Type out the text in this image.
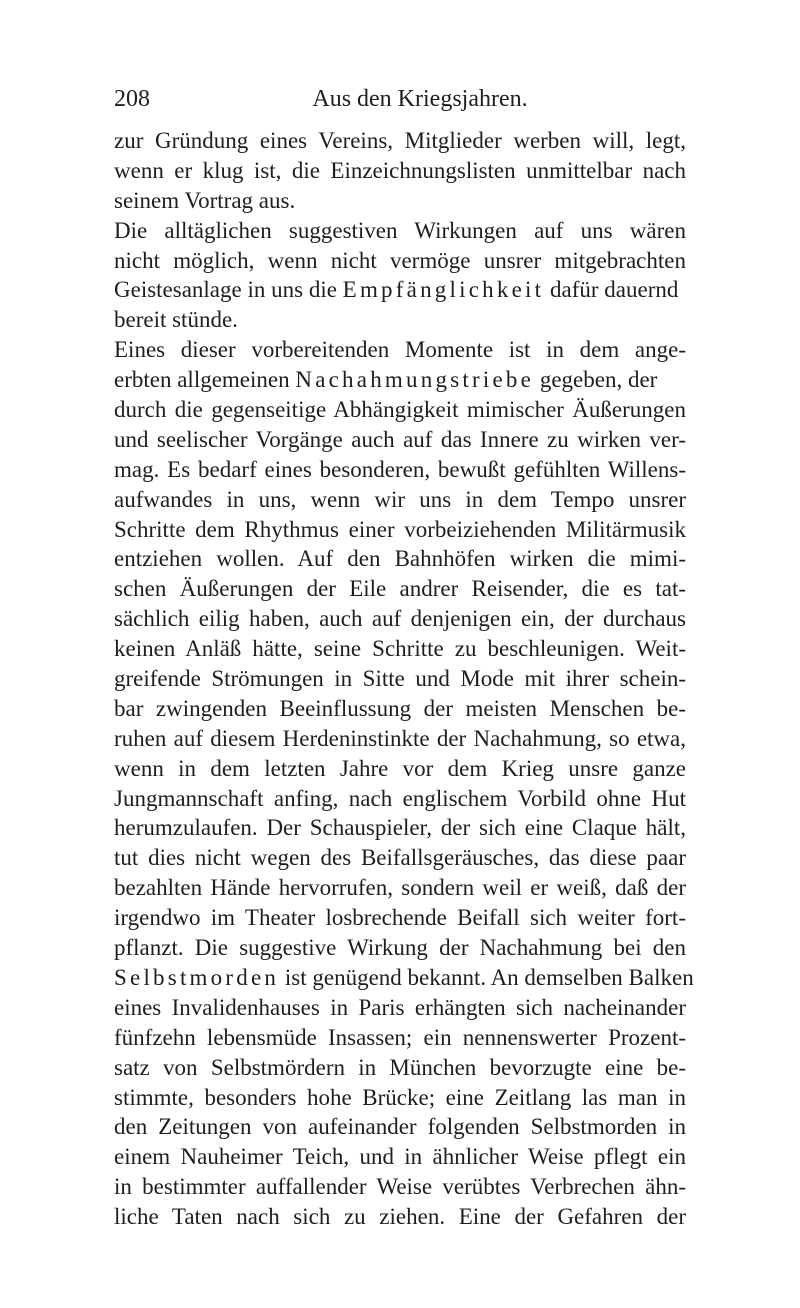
208	Aus den Kriegsjahren.
zur Gründung eines Vereins, Mitglieder werben will, legt,
wenn er klug ist, die Einzeichnungslisten unmittelbar nach
seinem Vortrag aus.
Die alltäglichen suggestiven Wirkungen auf uns wären
nicht möglich, wenn nicht vermöge unsrer mitgebrachten
Geistesanlage in uns die Empfänglichkeit dafür dauernd
bereit stünde.
Eines dieser vorbereitenden Momente ist in dem ange-
erbten allgemeinen Nachahmungstriebe gegeben, der
durch die gegenseitige Abhängigkeit mimischer Äußerungen
und seelischer Vorgänge auch auf das Innere zu wirken ver-
mag. Es bedarf eines besonderen, bewußt gefühlten Willens-
aufwandes in uns, wenn wir uns in dem Tempo unsrer
Schritte dem Rhythmus einer vorbeiziehenden Militärmusik
entziehen wollen. Auf den Bahnhöfen wirken die mimi-
schen Äußerungen der Eile andrer Reisender, die es tat-
sächlich eilig haben, auch auf denjenigen ein, der durchaus
keinen Anläß hätte, seine Schritte zu beschleunigen. Weit-
greifende Strömungen in Sitte und Mode mit ihrer schein-
bar zwingenden Beeinflussung der meisten Menschen be-
ruhen auf diesem Herdeninstinkte der Nachahmung, so etwa,
wenn in dem letzten Jahre vor dem Krieg unsre ganze
Jungmannschaft anfing, nach englischem Vorbild ohne Hut
herumzulaufen. Der Schauspieler, der sich eine Claque hält,
tut dies nicht wegen des Beifallsgeräusches, das diese paar
bezahlten Hände hervorrufen, sondern weil er weiß, daß der
irgendwo im Theater losbrechende Beifall sich weiter fort-
pflanzt. Die suggestive Wirkung der Nachahmung bei den
Selbstmorden ist genügend bekannt. An demselben Balken
eines Invalidenhauses in Paris erhängten sich nacheinander
fünfzehn lebensmüde Insassen; ein nennenswerter Prozent-
satz von Selbstmördern in München bevorzugte eine be-
stimmte, besonders hohe Brücke; eine Zeitlang las man in
den Zeitungen von aufeinander folgenden Selbstmorden in
einem Nauheimer Teich, und in ähnlicher Weise pflegt ein
in bestimmter auffallender Weise verübtes Verbrechen ähn-
liche Taten nach sich zu ziehen. Eine der Gefahren der
